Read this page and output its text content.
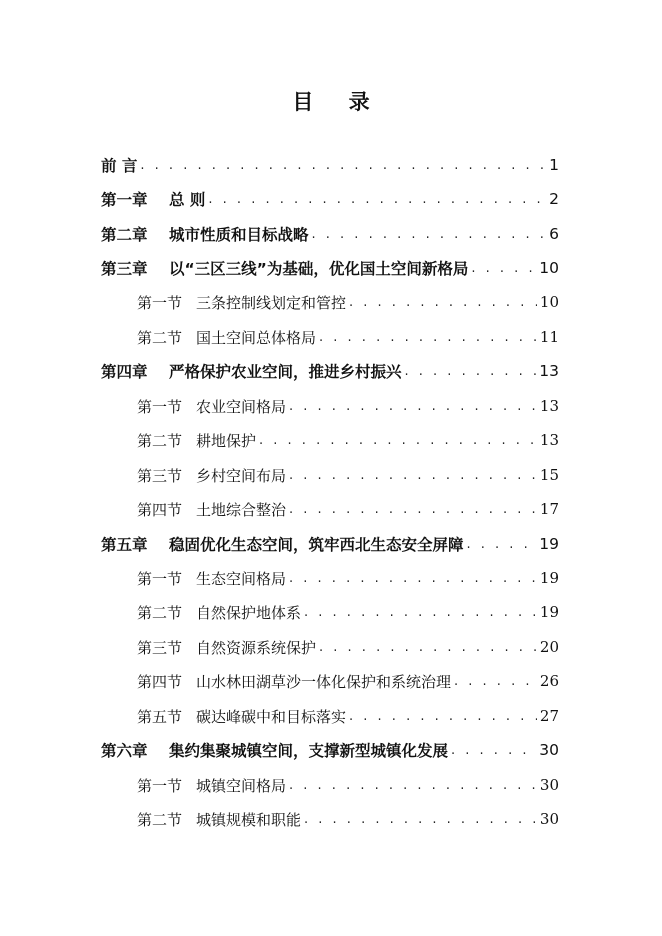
目 录
前 言 . . .	1
第一章	总 则 . . .	2
第二章	城市性质和目标战略 . . .	6
第三章	以“三区三线”为基础，优化国土空间新格局 . . .	10
第一节 三条控制线划定和管控 . . .	10
第二节 国土空间总体格局 . . .	11
第四章	严格保护农业空间，推进乡村振兴 . . .	13
第一节 农业空间格局 . . .	13
第二节 耕地保护 . . .	13
第三节 乡村空间布局 . . .	15
第四节 土地综合整治 . . .	17
第五章	稳固优化生态空间，筑牢西北生态安全屏障 . . .	19
第一节 生态空间格局 . . .	19
第二节 自然保护地体系 . . .	19
第三节 自然资源系统保护 . . .	20
第四节 山水林田湖草沙一体化保护和系统治理 . . .	26
第五节 碳达峰碳中和目标落实 . . .	27
第六章	集约集聚城镇空间，支撑新型城镇化发展 . . .	30
第一节 城镇空间格局 . . .	30
第二节 城镇规模和职能 . . .	30
